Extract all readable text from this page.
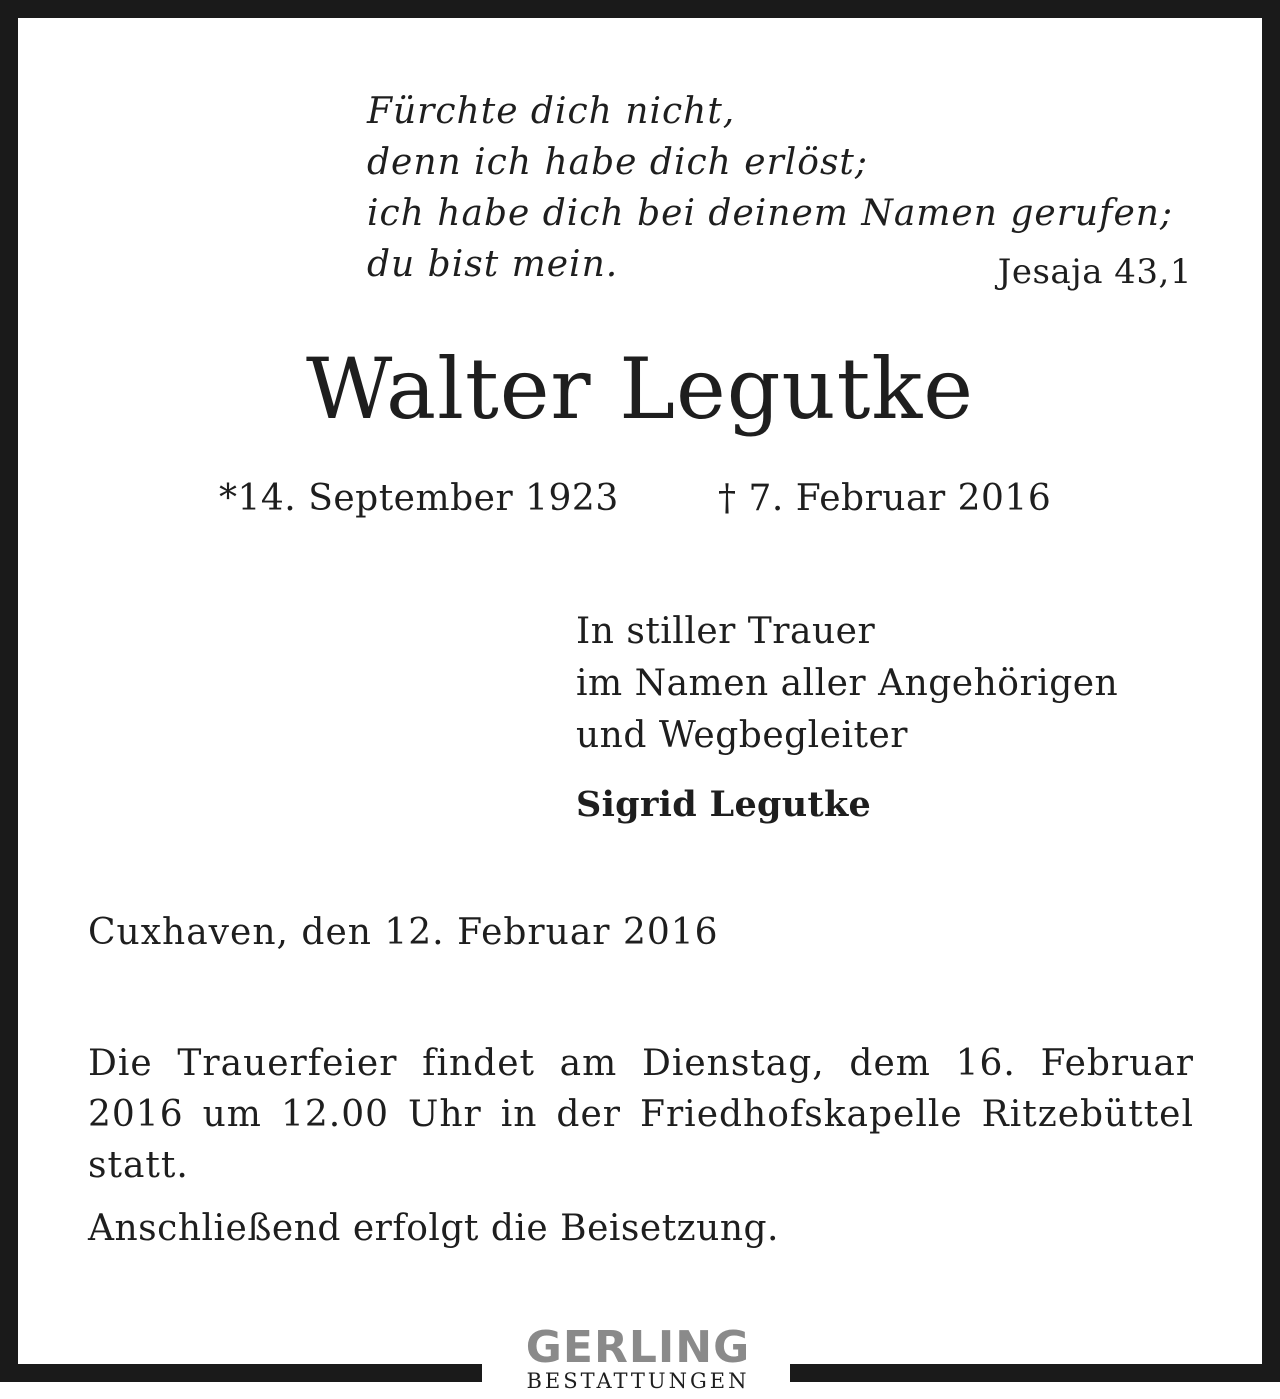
Fürchte dich nicht,
denn ich habe dich erlöst;
ich habe dich bei deinem Namen gerufen;
du bist mein.	Jesaja 43,1

Walter Legutke

*14. September 1923	† 7. Februar 2016

In stiller Trauer
im Namen aller Angehörigen
und Wegbegleiter

Sigrid Legutke

Cuxhaven, den 12. Februar 2016

Die Trauerfeier findet am Dienstag, dem 16. Februar 2016 um 12.00 Uhr in der Friedhofskapelle Ritzebüttel statt.

Anschließend erfolgt die Beisetzung.

GERLING
BESTATTUNGEN
